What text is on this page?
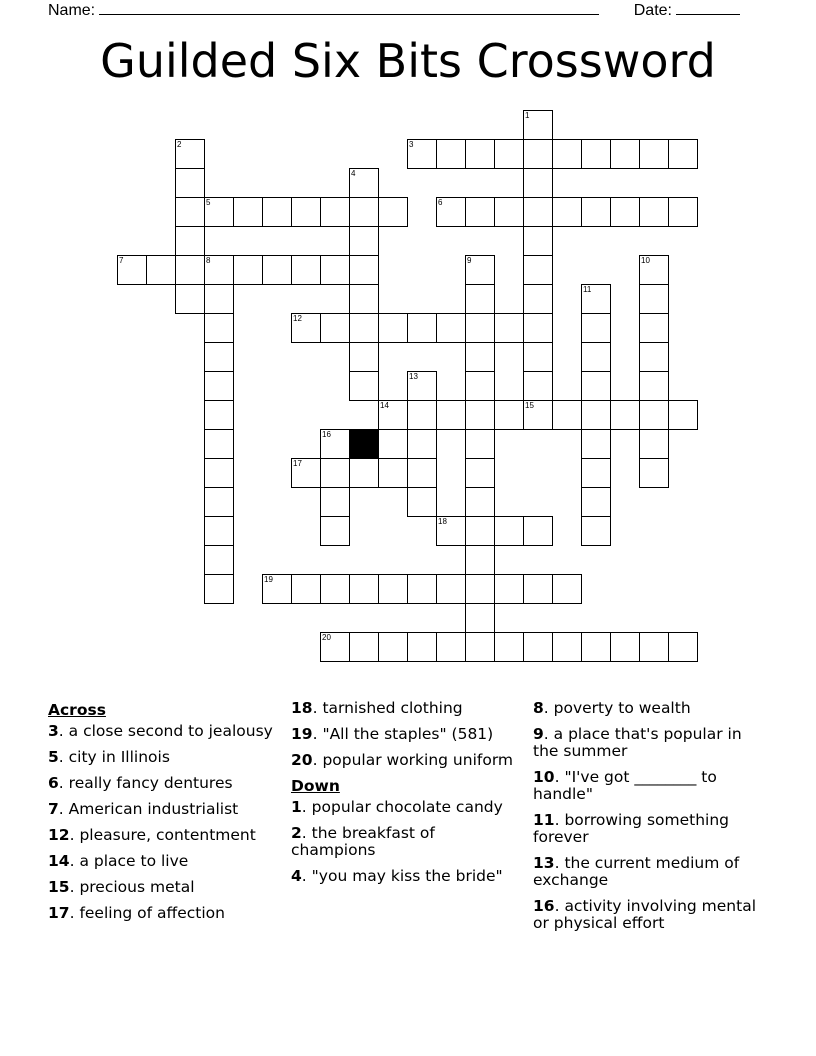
Name:	Date:
Guilded Six Bits Crossword
1
15
2	3
4
5	6
7	8	9	10
11
12
13
14
16
17
18
19
20
Across
3. a close second to jealousy
5. city in Illinois
6. really fancy dentures
7. American industrialist
12. pleasure, contentment
14. a place to live
15. precious metal
17. feeling of affection
18. tarnished clothing
19. "All the staples" (581)
20. popular working uniform
Down
1. popular chocolate candy
2. the breakfast of champions
4. "you may kiss the bride"
8. poverty to wealth
9. a place that's popular in the summer
10. "I've got ________ to handle"
11. borrowing something forever
13. the current medium of exchange
16. activity involving mental or physical effort
